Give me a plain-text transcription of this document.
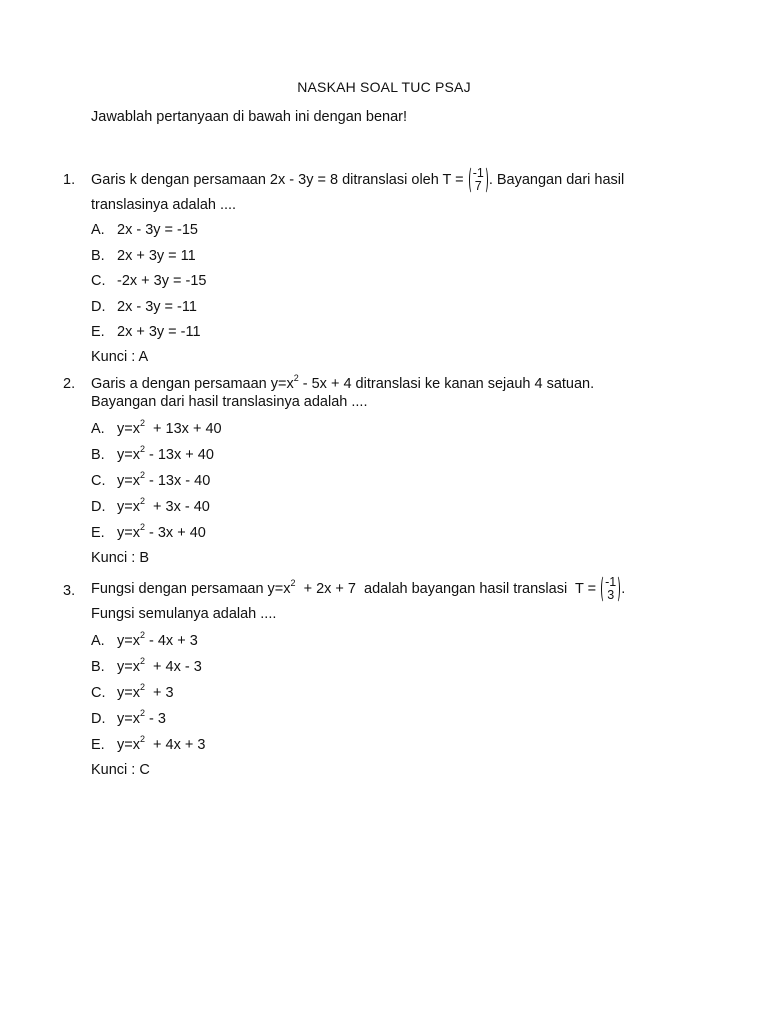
NASKAH SOAL TUC PSAJ
Jawablah pertanyaan di bawah ini dengan benar!
1. Garis k dengan persamaan 2x - 3y = 8 ditranslasi oleh T = -1
7 . Bayangan dari hasil
translasinya adalah ....
A. 2x - 3y = -15
B. 2x + 3y = 11
C. -2x + 3y = -15
D. 2x - 3y = -11
E. 2x + 3y = -11
Kunci : A
2. Garis a dengan persamaan $y=x^2 - 5x + 4$ ditranslasi ke kanan sejauh 4 satuan.
Bayangan dari hasil translasinya adalah ....
A. $y=x^2 + 13x + 40$
B. $y=x^2 - 13x + 40$
C. $y=x^2 - 13x - 40$
D. $y=x^2 + 3x - 40$
E. $y=x^2 - 3x + 40$
Kunci : B
3. Fungsi dengan persamaan $y=x^2 + 2x + 7$  adalah bayangan hasil translasi  T = -1
3 .
Fungsi semulanya adalah ....
A. $y=x^2 - 4x + 3$
B. $y=x^2 + 4x - 3$
C. $y=x^2 + 3$
D. $y=x^2 - 3$
E. $y=x^2 + 4x + 3$
Kunci : C
